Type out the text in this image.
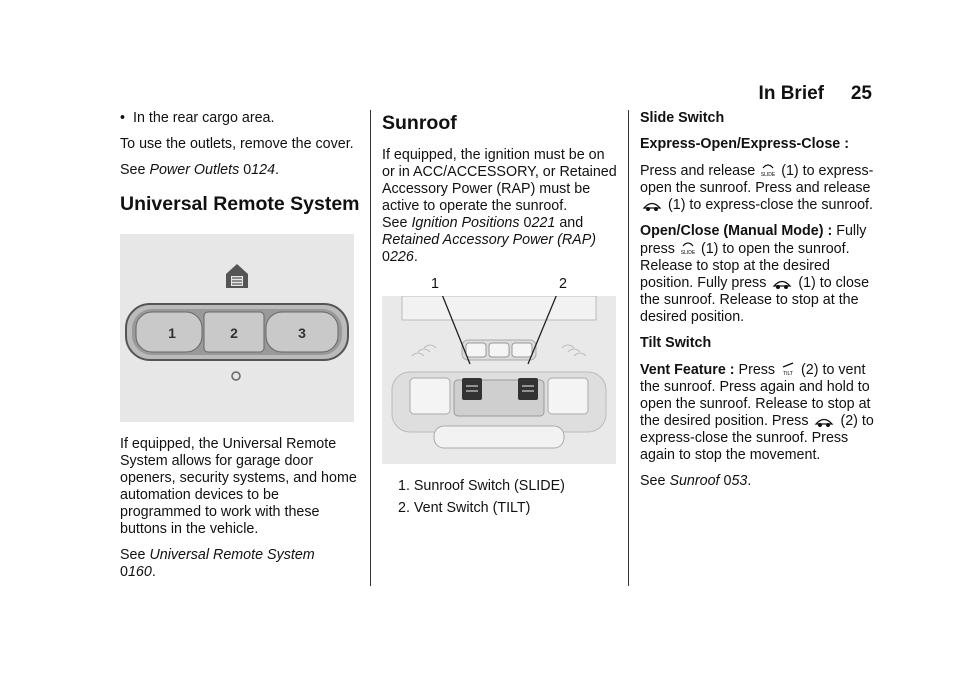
In Brief 25
• In the rear cargo area.

To use the outlets, remove the cover.

See Power Outlets 0124.

Universal Remote System
1	2	3

If equipped, the Universal Remote System allows for garage door openers, security systems, and home automation devices to be programmed to work with these buttons in the vehicle.

See Universal Remote System
0160.

Sunroof

If equipped, the ignition must be on or in ACC/ACCESSORY, or Retained Accessory Power (RAP) must be active to operate the sunroof.

See Ignition Positions 0221 and Retained Accessory Power (RAP)
0226.

1	2
1. Sunroof Switch (SLIDE)
2. Vent Switch (TILT)

Slide Switch

Express-Open/Express-Close :

Press and release SLIDE (1) to express-open the sunroof. Press and release  (1) to express-close the sunroof.

Open/Close (Manual Mode) : Fully press SLIDE (1) to open the sunroof. Release to stop at the desired position. Fully press (1) to close the sunroof. Release to stop at the desired position.

Tilt Switch

Vent Feature : Press TILT (2) to vent the sunroof. Press again and hold to open the sunroof. Release to stop at the desired position. Press (2) to express-close the sunroof. Press again to stop the movement.

See Sunroof 053.
